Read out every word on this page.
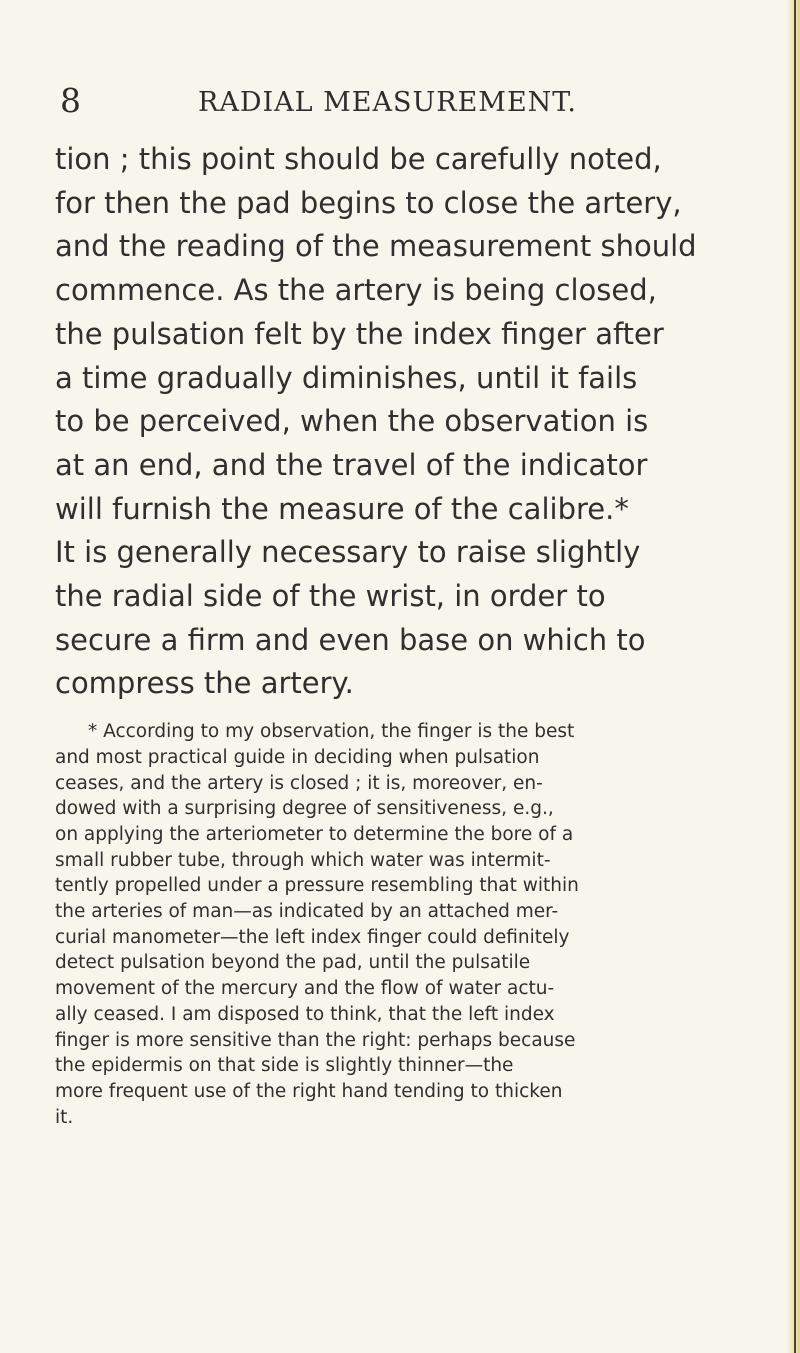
8	RADIAL MEASUREMENT.
tion ; this point should be carefully noted,
for then the pad begins to close the artery,
and the reading of the measurement should
commence. As the artery is being closed,
the pulsation felt by the index finger after
a time gradually diminishes, until it fails
to be perceived, when the observation is
at an end, and the travel of the indicator
will furnish the measure of the calibre.*
It is generally necessary to raise slightly
the radial side of the wrist, in order to
secure a firm and even base on which to
compress the artery.
* According to my observation, the finger is the best
and most practical guide in deciding when pulsation
ceases, and the artery is closed ; it is, moreover, en-
dowed with a surprising degree of sensitiveness, e.g.,
on applying the arteriometer to determine the bore of a
small rubber tube, through which water was intermit-
tently propelled under a pressure resembling that within
the arteries of man—as indicated by an attached mer-
curial manometer—the left index finger could definitely
detect pulsation beyond the pad, until the pulsatile
movement of the mercury and the flow of water actu-
ally ceased. I am disposed to think, that the left index
finger is more sensitive than the right: perhaps because
the epidermis on that side is slightly thinner—the
more frequent use of the right hand tending to thicken
it.
